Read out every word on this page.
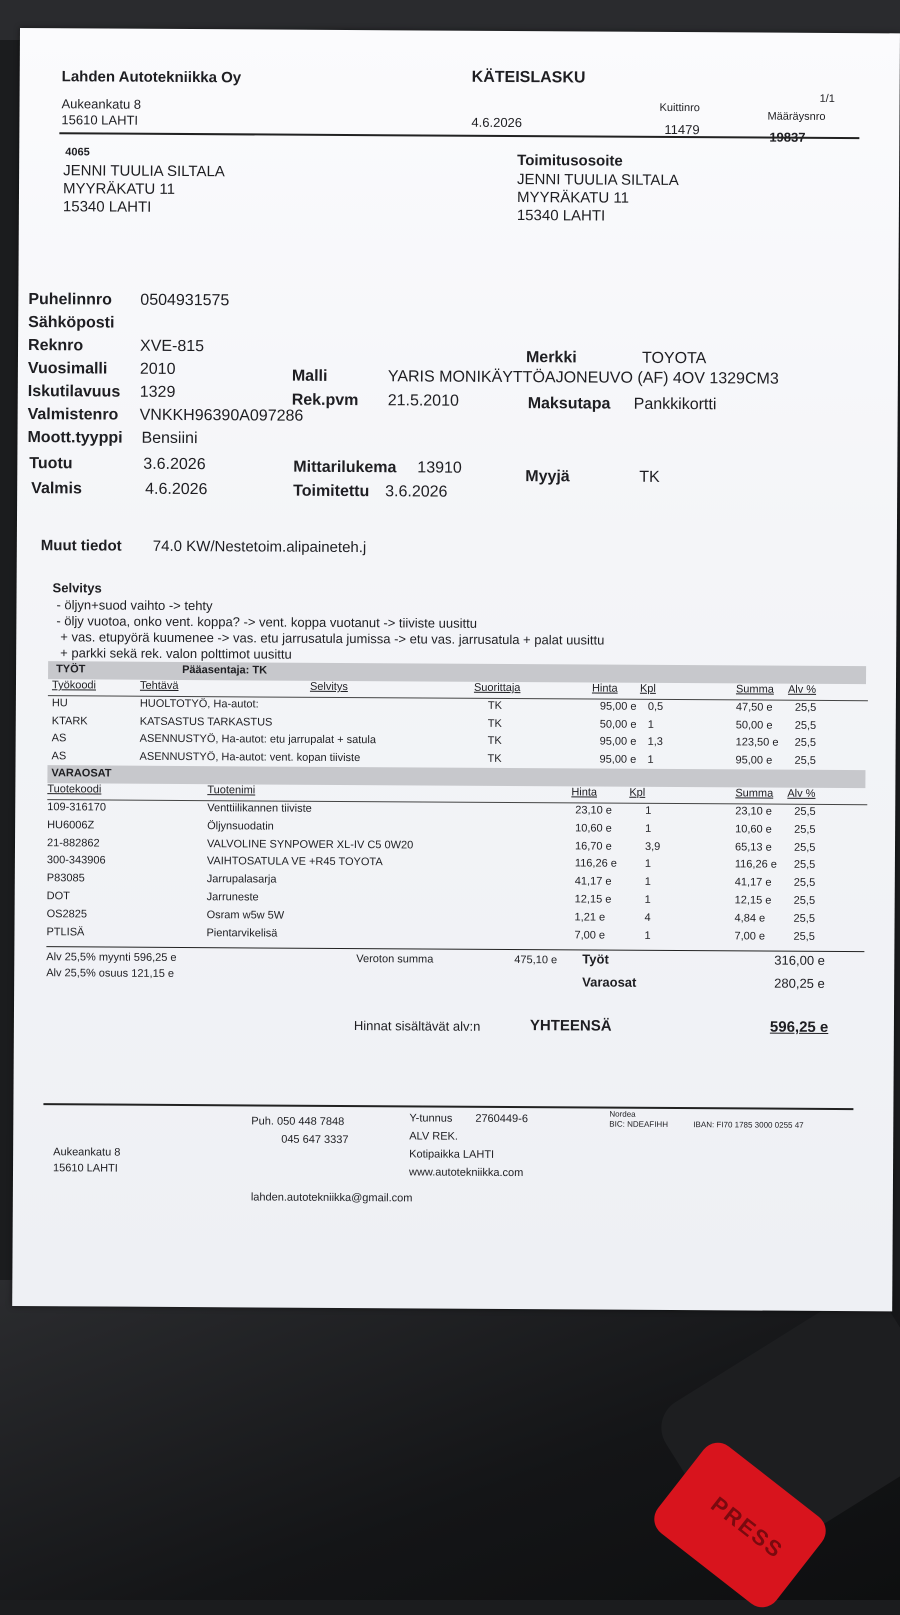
PRESS
Lahden Autotekniikka Oy
Aukeankatu 8
15610 LAHTI
KÄTEISLASKU
4.6.2026
1/1
Kuittinro
11479
Määräysnro
4065
JENNI TUULIA SILTALA
MYYRÄKATU 11
15340 LAHTI
Toimitusosoite
JENNI TUULIA SILTALA
MYYRÄKATU 11
15340 LAHTI
Puhelinnro 0504931575
Sähköposti
Reknro	XVE-815
Vuosimalli 2010
Iskutilavuus 1329
Valmistenro VNKKH96390A097286
Moott.tyyppi Bensiini
Tuotu	3.6.2026
Valmis	4.6.2026
Malli	YARIS MONIKÄYTTÖAJONEUVO (AF) 4OV 1329CM3
Rek.pvm 21.5.2010
Mittarilukema 13910
Toimitettu 3.6.2026
Merkki	TOYOTA
Maksutapa Pankkikortti
Myyjä	TK
Muut tiedot 74.0 KW/Nestetoim.alipaineteh.j
Selvitys
- öljyn+suod vaihto -> tehty
- öljy vuotoa, onko vent. koppa? -> vent. koppa vuotanut -> tiiviste uusittu
+ vas. etupyörä kuumenee -> vas. etu jarrusatula jumissa -> etu vas. jarrusatula + palat uusittu
+ parkki sekä rek. valon polttimot uusittu
TYÖT	Pääasentaja: TK
Työkoodi	Tehtävä	Selvitys	Suorittaja	Hinta Kpl	Summa Alv %
HU	HUOLTOTYÖ, Ha-autot:	TK	95,00 e 0,5	47,50 e 25,5
KTARK	KATSASTUS TARKASTUS	TK	50,00 e 1	50,00 e 25,5
AS	ASENNUSTYÖ, Ha-autot: etu jarrupalat + satula	TK	95,00 e 1,3	123,50 e 25,5
AS	ASENNUSTYÖ, Ha-autot: vent. kopan tiiviste	TK	95,00 e 1	95,00 e 25,5
VARAOSAT
Tuotekoodi	Tuotenimi	Hinta	Kpl	Summa Alv %
109-316170	Venttiilikannen tiiviste	23,10 e	1	23,10 e 25,5
HU6006Z	Öljynsuodatin	10,60 e	1	10,60 e 25,5
21-882862	VALVOLINE SYNPOWER XL-IV C5 0W20	16,70 e	3,9	65,13 e 25,5
300-343906	VAIHTOSATULA VE +R45 TOYOTA	116,26 e	1	116,26 e 25,5
P83085	Jarrupalasarja	41,17 e	1	41,17 e 25,5
DOT	Jarruneste	12,15 e	1	12,15 e 25,5
OS2825	Osram w5w 5W	1,21 e	4	4,84 e	25,5
PTLISÄ	Pientarvikelisä	7,00 e	1	7,00 e	25,5
Alv 25,5% myynti 596,25 e
Alv 25,5% osuus 121,15 e
Veroton summa	475,10 e Työt	316,00 e
Varaosat	280,25 e
Hinnat sisältävät alv:n	YHTEENSÄ	596,25 e
Aukeankatu 8
15610 LAHTI
Puh. 050 448 7848
045 647 3337
Y-tunnus 2760449-6
ALV REK.
Kotipaikka LAHTI
www.autotekniikka.com
lahden.autotekniikka@gmail.com
Nordea
BIC: NDEAFIHH	IBAN: FI70 1785 3000 0255 47
